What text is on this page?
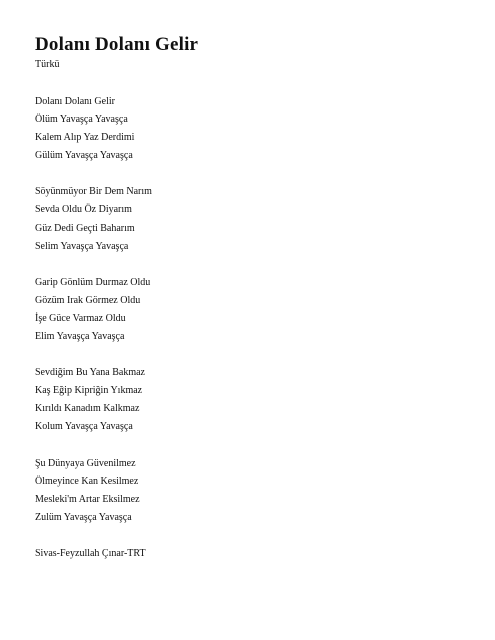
Dolanı Dolanı Gelir
Türkü
Dolanı Dolanı Gelir
Ölüm Yavaşça Yavaşça
Kalem Alıp Yaz Derdimi
Gülüm Yavaşça Yavaşça
Söyünmüyor Bir Dem Narım
Sevda Oldu Öz Diyarım
Güz Dedi Geçti Baharım
Selim Yavaşça Yavaşça
Garip Gönlüm Durmaz Oldu
Gözüm Irak Görmez Oldu
İşe Güce Varmaz Oldu
Elim Yavaşça Yavaşça
Sevdiğim Bu Yana Bakmaz
Kaş Eğip Kipriğin Yıkmaz
Kırıldı Kanadım Kalkmaz
Kolum Yavaşça Yavaşça
Şu Dünyaya Güvenilmez
Ölmeyince Kan Kesilmez
Mesleki'm Artar Eksilmez
Zulüm Yavaşça Yavaşça
Sivas-Feyzullah Çınar-TRT
